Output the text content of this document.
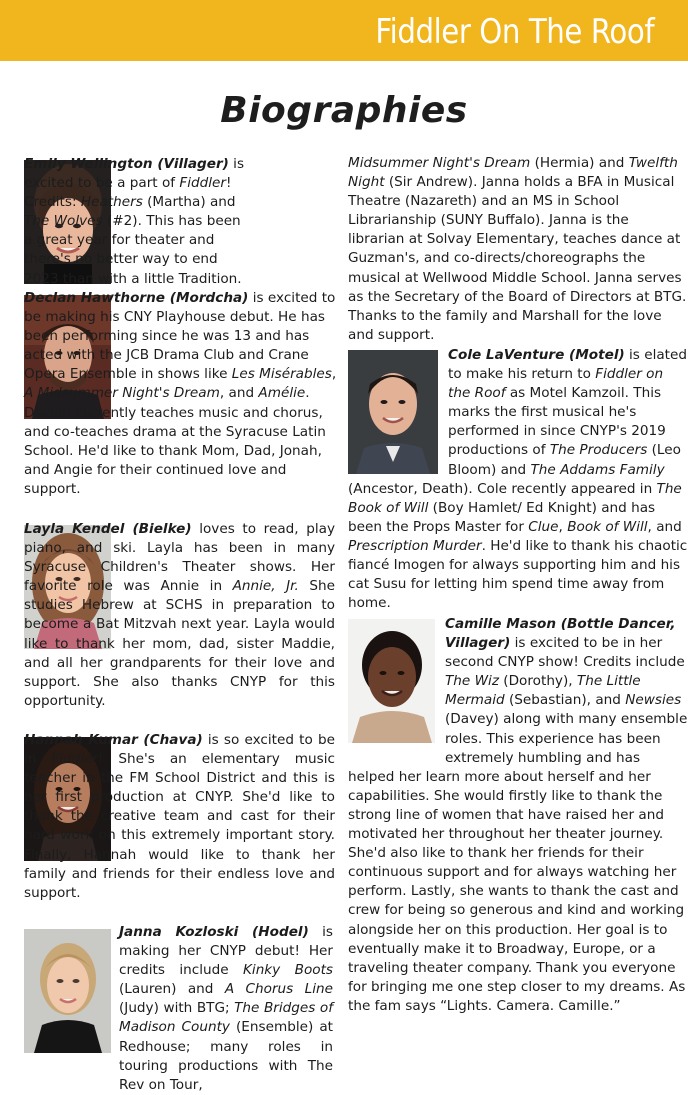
Fiddler On The Roof
Biographies
Emily Wellington (Villager) is excited to be a part of Fiddler! Credits: Heathers (Martha) and The Wolves (#2). This has been a great year for theater and there's no better way to end 2023 than with a little Tradition.
Declan Hawthorne (Mordcha) is excited to be making his CNY Playhouse debut. He has been performing since he was 13 and has acted with the JCB Drama Club and Crane Opera Ensemble in shows like Les Misérables, A Midsummer Night's Dream, and Amélie. Declan currently teaches music and chorus, and co-teaches drama at the Syracuse Latin School. He'd like to thank Mom, Dad, Jonah, and Angie for their continued love and support.
Layla Kendel (Bielke) loves to read, play piano, and ski. Layla has been in many Syracuse Children's Theater shows. Her favorite role was Annie in Annie, Jr. She studies Hebrew at SCHS in preparation to become a Bat Mitzvah next year. Layla would like to thank her mom, dad, sister Maddie, and all her grandparents for their love and support. She also thanks CNYP for this opportunity.
Hannah Kumar (Chava) is so excited to be in Fiddler! She's an elementary music teacher in the FM School District and this is her first production at CNYP. She'd like to thank the creative team and cast for their hard work on this extremely important story. Finally, Hannah would like to thank her family and friends for their endless love and support.
Janna Kozloski (Hodel) is making her CNYP debut! Her credits include Kinky Boots (Lauren) and A Chorus Line (Judy) with BTG; The Bridges of Madison County (Ensemble) at Redhouse; many roles in touring productions with The Rev on Tour,
Midsummer Night's Dream (Hermia) and Twelfth Night (Sir Andrew). Janna holds a BFA in Musical Theatre (Nazareth) and an MS in School Librarianship (SUNY Buffalo). Janna is the librarian at Solvay Elementary, teaches dance at Guzman's, and co-directs/choreographs the musical at Wellwood Middle School. Janna serves as the Secretary of the Board of Directors at BTG. Thanks to the family and Marshall for the love and support.
Cole LaVenture (Motel) is elated to make his return to Fiddler on the Roof as Motel Kamzoil. This marks the first musical he's performed in since CNYP's 2019 productions of The Producers (Leo Bloom) and The Addams Family (Ancestor, Death). Cole recently appeared in The Book of Will (Boy Hamlet/ Ed Knight) and has been the Props Master for Clue, Book of Will, and Prescription Murder. He'd like to thank his chaotic fiancé Imogen for always supporting him and his cat Susu for letting him spend time away from home.
Camille Mason (Bottle Dancer, Villager) is excited to be in her second CNYP show! Credits include The Wiz (Dorothy), The Little Mermaid (Sebastian), and Newsies (Davey) along with many ensemble roles. This experience has been extremely humbling and has helped her learn more about herself and her capabilities. She would firstly like to thank the strong line of women that have raised her and motivated her throughout her theater journey. She'd also like to thank her friends for their continuous support and for always watching her perform. Lastly, she wants to thank the cast and crew for being so generous and kind and working alongside her on this production. Her goal is to eventually make it to Broadway, Europe, or a traveling theater company. Thank you everyone for bringing me one step closer to my dreams. As the fam says “Lights. Camera. Camille.”
